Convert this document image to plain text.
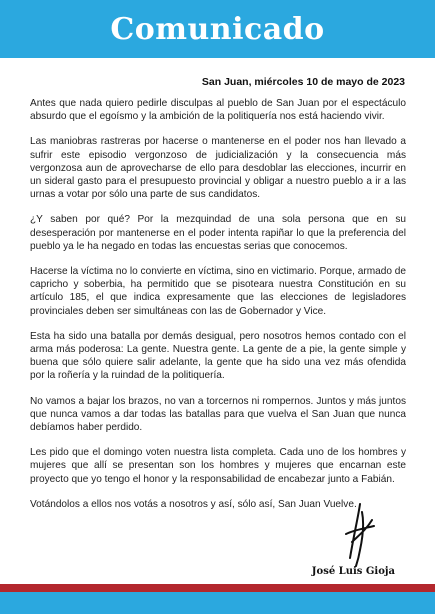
Comunicado
San Juan, miércoles 10 de mayo de 2023

Antes que nada quiero pedirle disculpas al pueblo de San Juan por el espectáculo absurdo que el egoísmo y la ambición de la politiquería nos está haciendo vivir.

Las maniobras rastreras por hacerse o mantenerse en el poder nos han llevado a sufrir este episodio vergonzoso de judicialización y la consecuencia más vergonzosa aun de aprovecharse de ello para desdoblar las elecciones, incurrir en un sideral gasto para el presupuesto provincial y obligar a nuestro pueblo a ir a las urnas a votar por sólo una parte de sus candidatos.

¿Y saben por qué? Por la mezquindad de una sola persona que en su desesperación por mantenerse en el poder intenta rapiñar lo que la preferencia del pueblo ya le ha negado en todas las encuestas serias que conocemos.

Hacerse la víctima no lo convierte en víctima, sino en victimario. Porque, armado de capricho y soberbia, ha permitido que se pisoteara nuestra Constitución en su artículo 185, el que indica expresamente que las elecciones de legisladores provinciales deben ser simultáneas con las de Gobernador y Vice.

Esta ha sido una batalla por demás desigual, pero nosotros hemos contado con el arma más poderosa: La gente. Nuestra gente. La gente de a pie, la gente simple y buena que sólo quiere salir adelante, la gente que ha sido una vez más ofendida por la roñería y la ruindad de la politiquería.

No vamos a bajar los brazos, no van a torcernos ni rompernos. Juntos y más juntos que nunca vamos a dar todas las batallas para que vuelva el San Juan que nunca debíamos haber perdido.

Les pido que el domingo voten nuestra lista completa. Cada uno de los hombres y mujeres que allí se presentan son los hombres y mujeres que encarnan este proyecto que yo tengo el honor y la responsabilidad de encabezar junto a Fabián.

Votándolos a ellos nos votás a nosotros y así, sólo así, San Juan Vuelve.

José Luis Gioja
